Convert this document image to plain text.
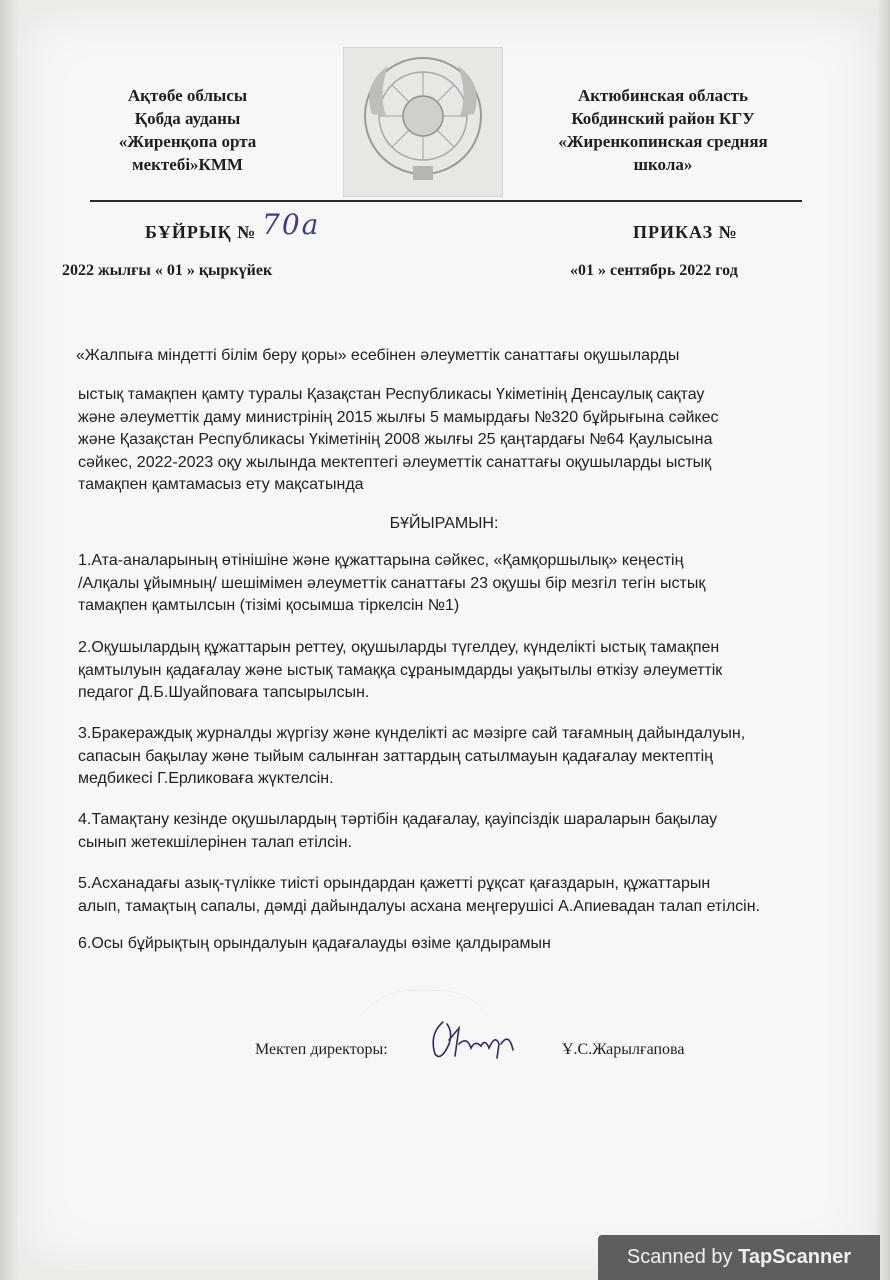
Ақтөбе облысы
Қобда ауданы
«Жиренқопа орта
мектебі»КММ
Актюбинская область
Кобдинский район КГУ
«Жиренкопинская средняя
школа»
БҰЙРЫҚ № 70а	ПРИКАЗ №
2022 жылғы « 01 » қыркүйек	«01 » сентябрь 2022 год
«Жалпыға міндетті білім беру қоры» есебінен әлеуметтік санаттағы оқушыларды
ыстық тамақпен қамту туралы Қазақстан Республикасы Үкіметінің Денсаулық сақтау
және әлеуметтік даму министрінің 2015 жылғы 5 мамырдағы №320 бұйрығына сәйкес
және Қазақстан Республикасы Үкіметінің 2008 жылғы 25 қаңтардағы №64 Қаулысына
сәйкес, 2022-2023 оқу жылында мектептегі әлеуметтік санаттағы оқушыларды ыстық
тамақпен қамтамасыз ету мақсатында
БҰЙЫРАМЫН:
1.Ата-аналарының өтінішіне және құжаттарына сәйкес, «Қамқоршылық» кеңестің
/Алқалы ұйымның/ шешімімен әлеуметтік санаттағы 23 оқушы бір мезгіл тегін ыстық
тамақпен қамтылсын (тізімі қосымша тіркелсін №1)
2.Оқушылардың құжаттарын реттеу, оқушыларды түгелдеу, күнделікті ыстық тамақпен
қамтылуын қадағалау және ыстық тамаққа сұранымдарды уақытылы өткізу әлеуметтік
педагог Д.Б.Шуайповаға тапсырылсын.
3.Бракераждық журналды жүргізу және күнделікті ас мәзірге сай тағамның дайындалуын,
сапасын бақылау және тыйым салынған заттардың сатылмауын қадағалау мектептің
медбикесі Г.Ерликоваға жүктелсін.
4.Тамақтану кезінде оқушылардың тәртібін қадағалау, қауіпсіздік шараларын бақылау
сынып жетекшілерінен талап етілсін.
5.Асханадағы азық-түлікке тиісті орындардан қажетті рұқсат қағаздарын, құжаттарын
алып, тамақтың сапалы, дәмді дайындалуы асхана меңгерушісі А.Апиевадан талап етілсін.
6.Осы бұйрықтың орындалуын қадағалауды өзіме қалдырамын
Мектеп директоры:	Ұ.С.Жарылғапова
Scanned by TapScanner
